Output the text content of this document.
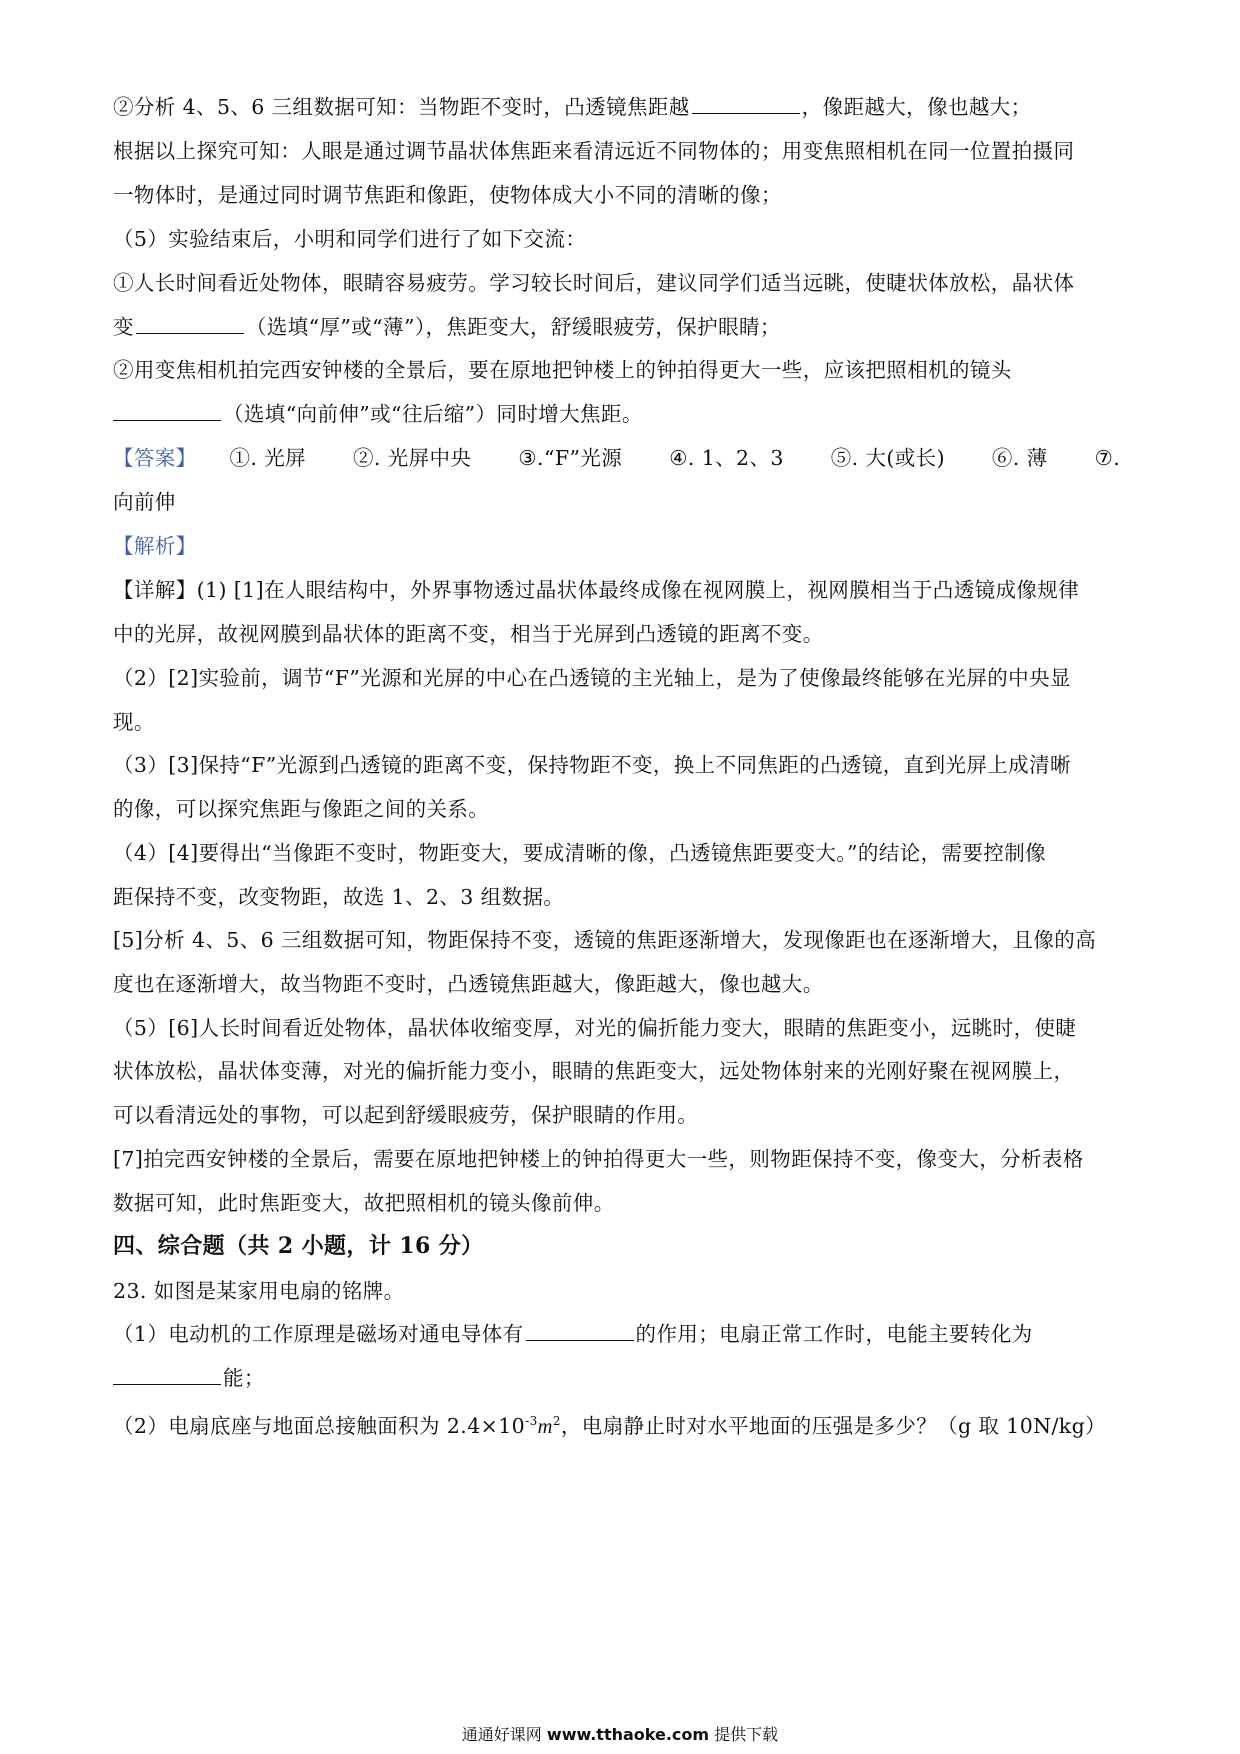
②分析 4、5、6 三组数据可知：当物距不变时，凸透镜焦距越	，像距越大，像也越大；
根据以上探究可知：人眼是通过调节晶状体焦距来看清远近不同物体的；用变焦照相机在同一位置拍摄同
一物体时，是通过同时调节焦距和像距，使物体成大小不同的清晰的像；
（5）实验结束后，小明和同学们进行了如下交流：
①人长时间看近处物体，眼睛容易疲劳。学习较长时间后，建议同学们适当远眺，使睫状体放松，晶状体
变	（选填“厚”或“薄”），焦距变大，舒缓眼疲劳，保护眼睛；
②用变焦相机拍完西安钟楼的全景后，要在原地把钟楼上的钟拍得更大一些，应该把照相机的镜头
（选填“向前伸”或“往后缩”）同时增大焦距。
【答案】 ①. 光屏 ②. 光屏中央 ③.“F”光源 ④. 1、2、3 ⑤. 大(或长) ⑥. 薄 ⑦.
向前伸
【解析】
【详解】(1) [1]在人眼结构中，外界事物透过晶状体最终成像在视网膜上，视网膜相当于凸透镜成像规律
中的光屏，故视网膜到晶状体的距离不变，相当于光屏到凸透镜的距离不变。
（2）[2]实验前，调节“F”光源和光屏的中心在凸透镜的主光轴上，是为了使像最终能够在光屏的中央显
现。
（3）[3]保持“F”光源到凸透镜的距离不变，保持物距不变，换上不同焦距的凸透镜，直到光屏上成清晰
的像，可以探究焦距与像距之间的关系。
（4）[4]要得出“当像距不变时，物距变大，要成清晰的像，凸透镜焦距要变大。”的结论，需要控制像
距保持不变，改变物距，故选 1、2、3 组数据。
[5]分析 4、5、6 三组数据可知，物距保持不变，透镜的焦距逐渐增大，发现像距也在逐渐增大，且像的高
度也在逐渐增大，故当物距不变时，凸透镜焦距越大，像距越大，像也越大。
（5）[6]人长时间看近处物体，晶状体收缩变厚，对光的偏折能力变大，眼睛的焦距变小，远眺时，使睫
状体放松，晶状体变薄，对光的偏折能力变小，眼睛的焦距变大，远处物体射来的光刚好聚在视网膜上，
可以看清远处的事物，可以起到舒缓眼疲劳，保护眼睛的作用。
[7]拍完西安钟楼的全景后，需要在原地把钟楼上的钟拍得更大一些，则物距保持不变，像变大，分析表格
数据可知，此时焦距变大，故把照相机的镜头像前伸。
四、综合题（共 2 小题，计 16 分）
23. 如图是某家用电扇的铭牌。
（1）电动机的工作原理是磁场对通电导体有	的作用；电扇正常工作时，电能主要转化为
能；
（2）电扇底座与地面总接触面积为 $2.4\times 10^{-3}m^2$，电扇静止时对水平地面的压强是多少？（g 取 10N/kg）
通通好课网 www.tthaoke.com 提供下载
